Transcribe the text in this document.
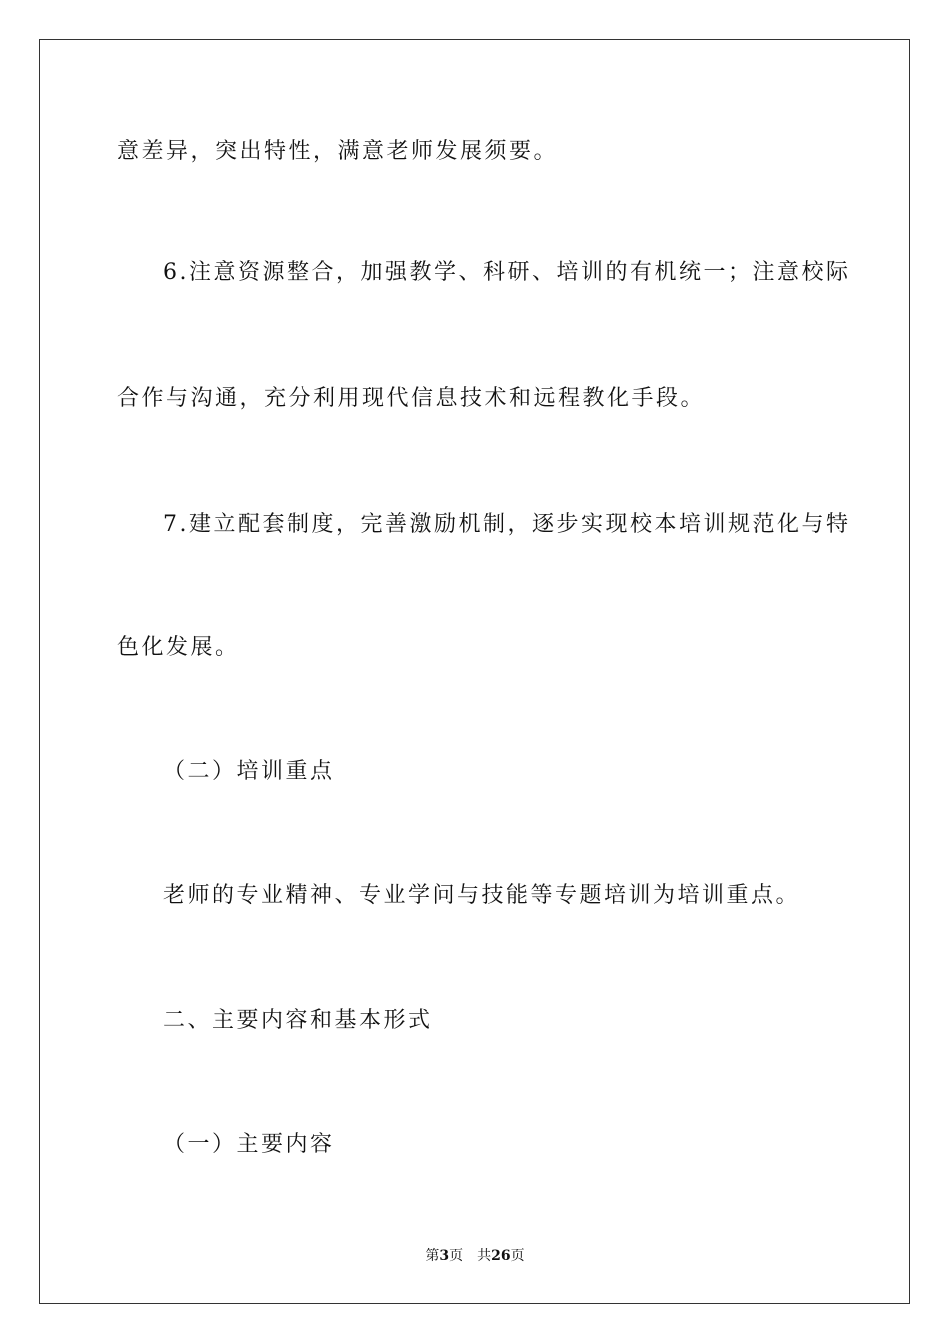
意差异，突出特性，满意老师发展须要。
6.注意资源整合，加强教学、科研、培训的有机统一；注意校际
合作与沟通，充分利用现代信息技术和远程教化手段。
7.建立配套制度，完善激励机制，逐步实现校本培训规范化与特
色化发展。
（二）培训重点
老师的专业精神、专业学问与技能等专题培训为培训重点。
二、主要内容和基本形式
（一）主要内容
第3页 共26页
